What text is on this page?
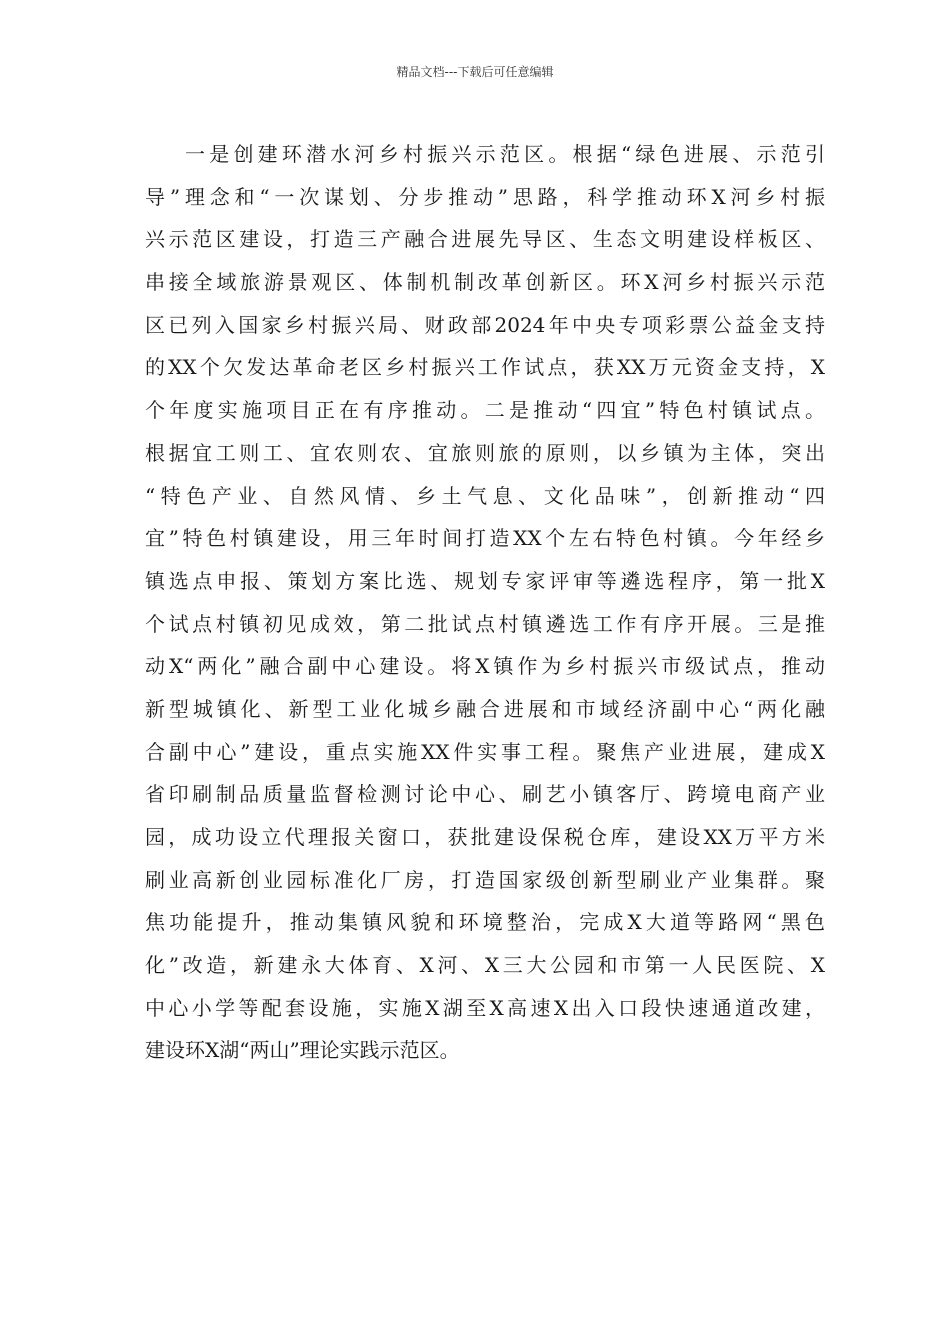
精品文档---下载后可任意编辑
一是创建环潜水河乡村振兴示范区。根据“绿色进展、示范引
导”理念和“一次谋划、分步推动”思路，科学推动环X河乡村振
兴示范区建设，打造三产融合进展先导区、生态文明建设样板区、
串接全域旅游景观区、体制机制改革创新区。环X河乡村振兴示范
区已列入国家乡村振兴局、财政部2024年中央专项彩票公益金支持
的XX个欠发达革命老区乡村振兴工作试点，获XX万元资金支持，X
个年度实施项目正在有序推动。二是推动“四宜”特色村镇试点。
根据宜工则工、宜农则农、宜旅则旅的原则，以乡镇为主体，突出
“特色产业、自然风情、乡土气息、文化品味”，创新推动“四
宜”特色村镇建设，用三年时间打造XX个左右特色村镇。今年经乡
镇选点申报、策划方案比选、规划专家评审等遴选程序，第一批X
个试点村镇初见成效，第二批试点村镇遴选工作有序开展。三是推
动X“两化”融合副中心建设。将X镇作为乡村振兴市级试点，推动
新型城镇化、新型工业化城乡融合进展和市域经济副中心“两化融
合副中心”建设，重点实施XX件实事工程。聚焦产业进展，建成X
省印刷制品质量监督检测讨论中心、刷艺小镇客厅、跨境电商产业
园，成功设立代理报关窗口，获批建设保税仓库，建设XX万平方米
刷业高新创业园标准化厂房，打造国家级创新型刷业产业集群。聚
焦功能提升，推动集镇风貌和环境整治，完成X大道等路网“黑色
化”改造，新建永大体育、X河、X三大公园和市第一人民医院、X
中心小学等配套设施，实施X湖至X高速X出入口段快速通道改建，
建设环X湖“两山”理论实践示范区。
